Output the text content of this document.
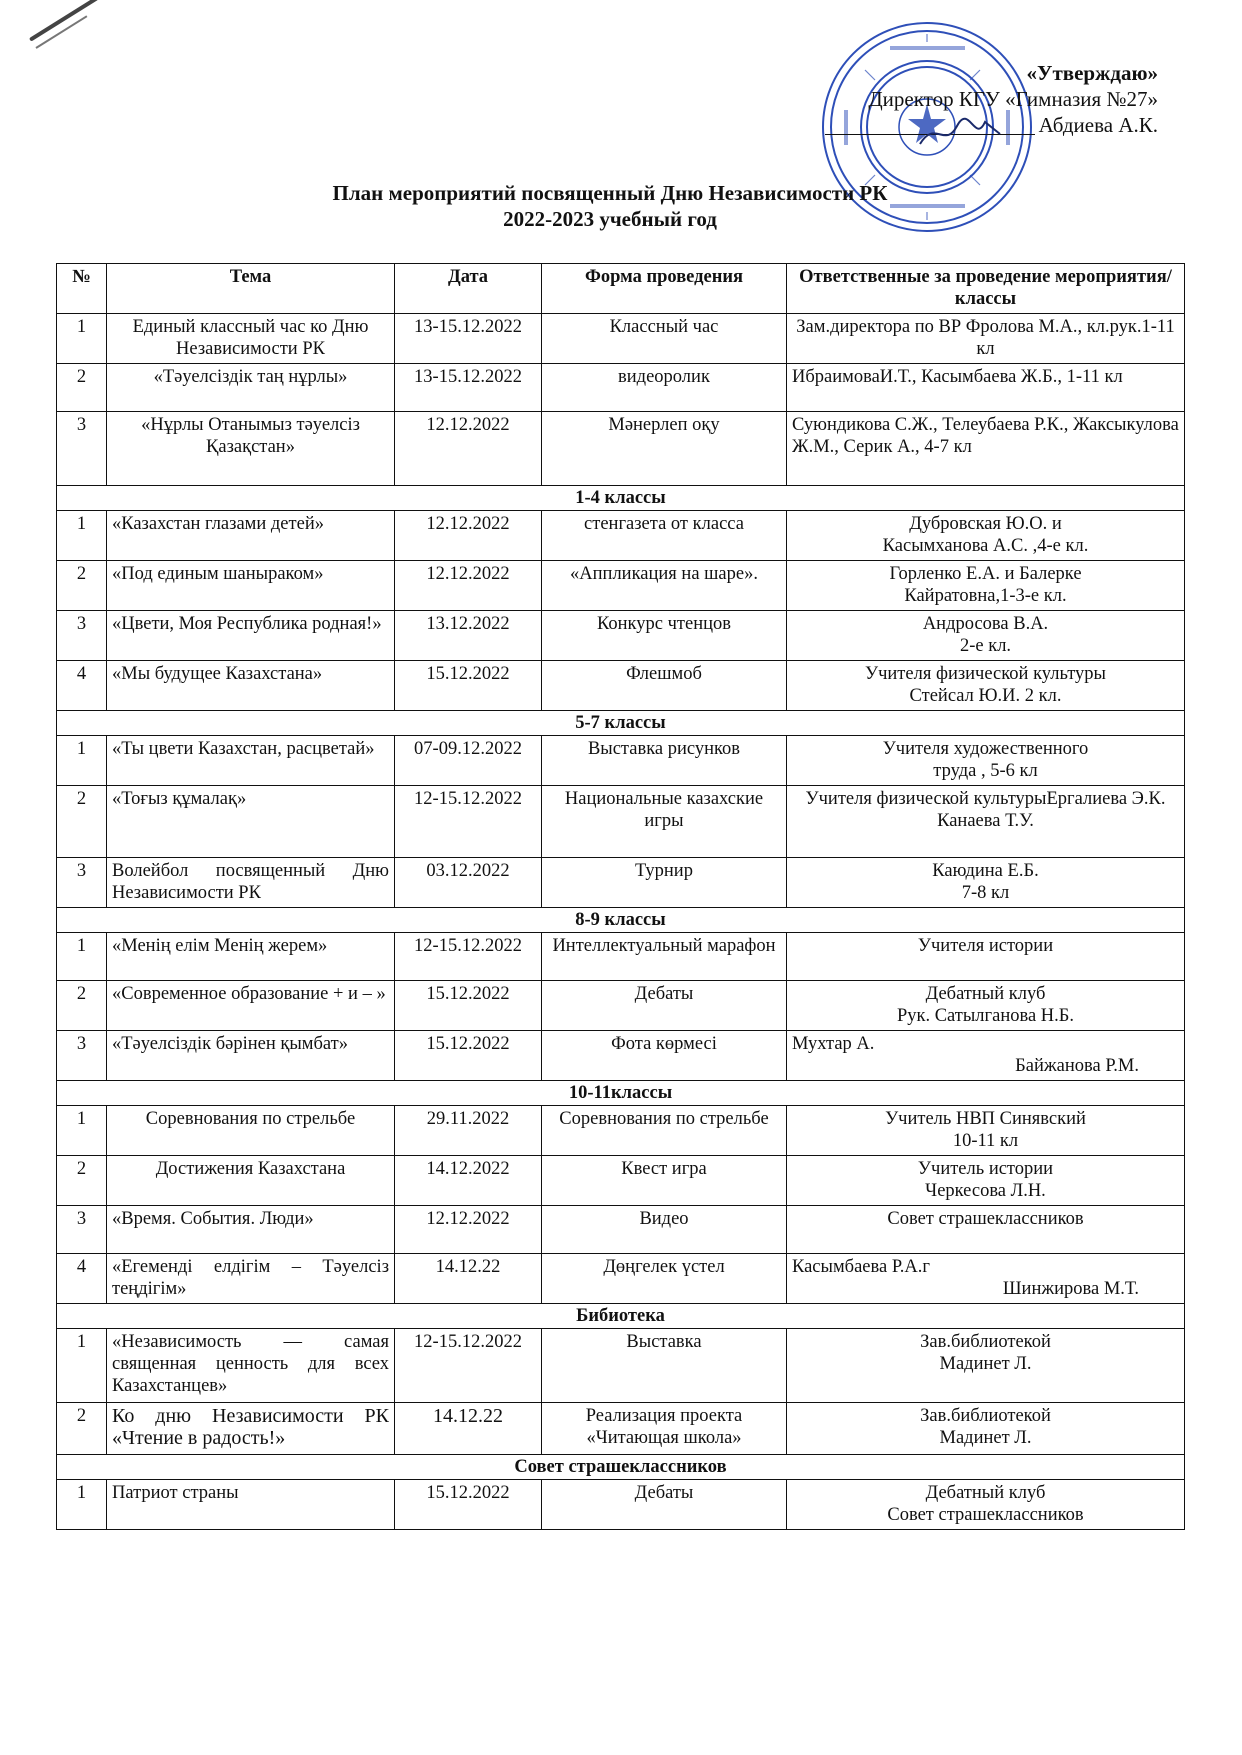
«Утверждаю»
Директор КГУ «Гимназия №27»
Абдиева А.К.
План мероприятий посвященный Дню Независимости РК
2022-2023 учебный год
№	Тема	Дата	Форма проведения	Ответственные за проведение мероприятия/ классы
1	Единый классный час ко Дню Независимости РК	13-15.12.2022	Классный час	Зам.директора по ВР Фролова М.А., кл.рук.1-11 кл
2	«Тәуелсіздік таң нұрлы»	13-15.12.2022	видеоролик	ИбраимоваИ.Т., Касымбаева Ж.Б., 1-11 кл
3	«Нұрлы Отанымыз тәуелсіз Қазақстан»	12.12.2022	Мәнерлеп оқу	Суюндикова С.Ж., Телеубаева Р.К., Жаксыкулова Ж.М., Серик А., 4-7 кл
1-4 классы				
1	«Казахстан глазами детей»	12.12.2022	стенгазета от класса	Дубровская Ю.О. и
Касымханова А.С. ,4-е кл.

2	«Под единым шаныраком»	12.12.2022	«Аппликация на шаре».	Горленко Е.А. и Балерке
Кайратовна,1-3-е кл.

3	«Цвети, Моя Республика родная!»	13.12.2022	Конкурс чтенцов	Андросова В.А.
2-е кл.

4	«Мы будущее Казахстана»	15.12.2022	Флешмоб	Учителя физической культуры
Стейсал Ю.И. 2 кл.

5-7 классы				
1	«Ты цвети Казахстан, расцветай»	07-09.12.2022	Выставка рисунков	Учителя художественного
труда , 5-6 кл

2	«Тоғыз құмалақ»	12-15.12.2022	Национальные казахские игры	Учителя физической культурыЕргалиева Э.К.
Канаева Т.У.

3	Волейбол посвященный Дню Независимости РК	03.12.2022	Турнир	Каюдина Е.Б.
7-8 кл

8-9 классы				
1	«Менің елім Менің жерем»	12-15.12.2022	Интеллектуальный марафон	Учителя истории

2	«Современное образование + и – »	15.12.2022	Дебаты	Дебатный клуб
Рук. Сатылганова Н.Б.

3	«Тәуелсіздік бәрінен қымбат»	15.12.2022	Фота көрмесі	Мухтар А.
Байжанова Р.М.

10-11классы				
1	Соревнования по стрельбе	29.11.2022	Соревнования по стрельбе	Учитель НВП Синявский
10-11 кл

2	Достижения Казахстана	14.12.2022	Квест игра	Учитель истории
Черкесова Л.Н.

3	«Время. События. Люди»	12.12.2022	Видео	Совет страшеклассников

4	«Егемендi елдігім – Тәуелсіз теңдігім»	14.12.22	Дөңгелек үстел	Касымбаева Р.А.г
Шинжирова М.Т.

Бибиотека				
1	«Независимость — самая священная ценность для всех Казахстанцев»	12-15.12.2022	Выставка	Зав.библиотекой
Мадинет Л.

2	Ко дню Независимости РК «Чтение в радость!»	14.12.22	Реализация проекта «Читающая школа»	Зав.библиотекой
Мадинет Л.

Совет страшеклассников				
1	Патриот страны	15.12.2022	Дебаты	Дебатный клуб
Совет страшеклассников
